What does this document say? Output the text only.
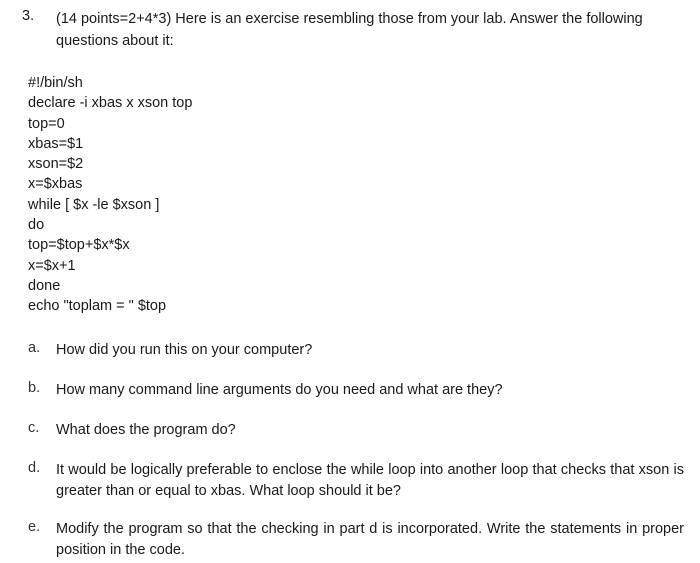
3. (14 points=2+4*3) Here is an exercise resembling those from your lab. Answer the following questions about it:
#!/bin/sh
declare -i xbas x xson top
top=0
xbas=$1
xson=$2
x=$xbas
while [ $x -le $xson ]
do
top=$top+$x*$x
x=$x+1
done
echo "toplam = " $top
a. How did you run this on your computer?
b. How many command line arguments do you need and what are they?
c. What does the program do?
d. It would be logically preferable to enclose the while loop into another loop that checks that xson is greater than or equal to xbas. What loop should it be?
e. Modify the program so that the checking in part d is incorporated. Write the statements in proper position in the code.
